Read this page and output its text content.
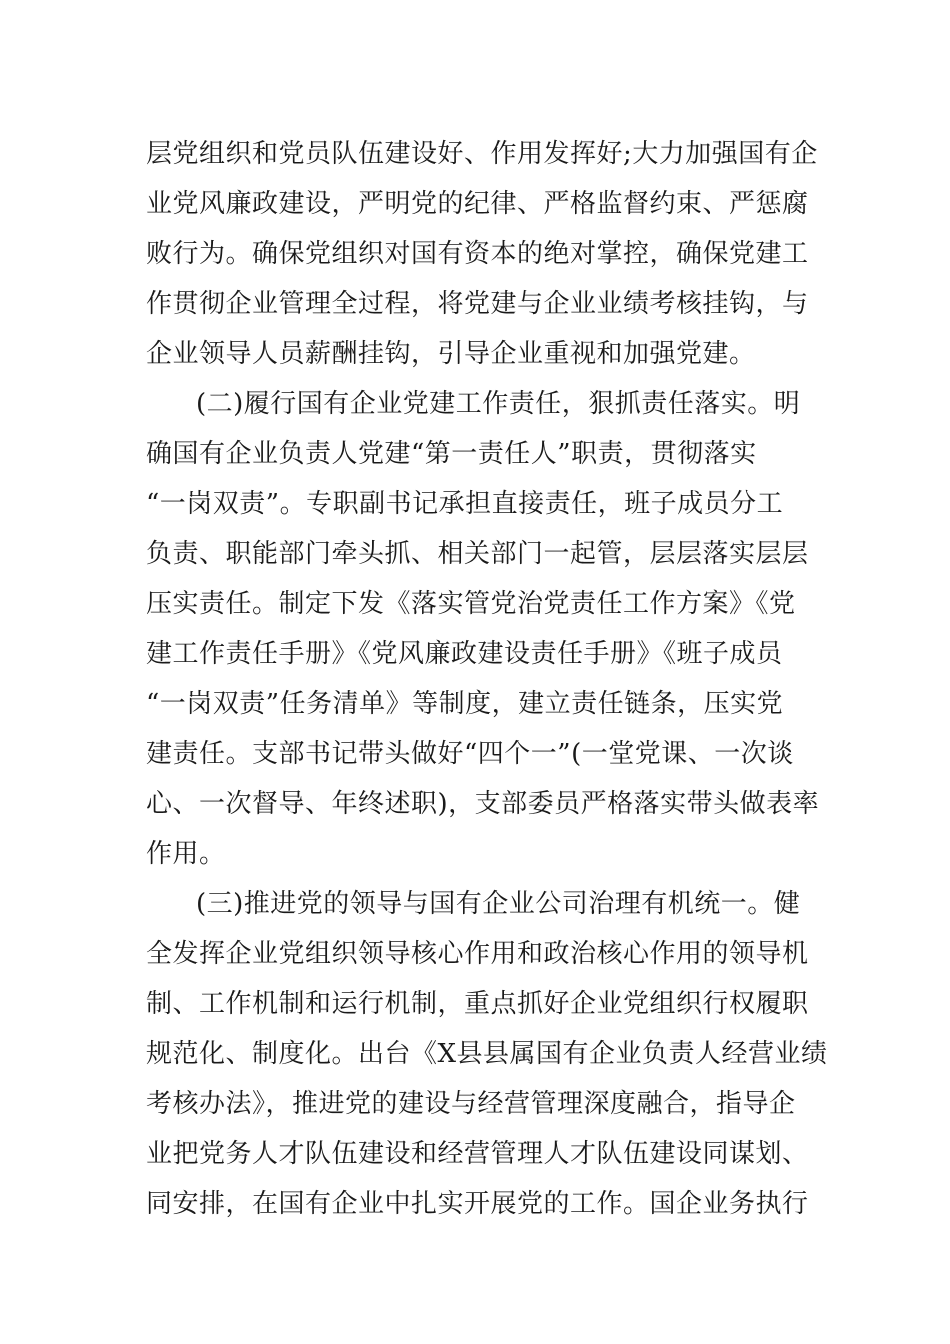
层党组织和党员队伍建设好、作用发挥好;大力加强国有企
业党风廉政建设，严明党的纪律、严格监督约束、严惩腐
败行为。确保党组织对国有资本的绝对掌控，确保党建工
作贯彻企业管理全过程，将党建与企业业绩考核挂钩，与
企业领导人员薪酬挂钩，引导企业重视和加强党建。
(二)履行国有企业党建工作责任，狠抓责任落实。明
确国有企业负责人党建“第一责任人”职责，贯彻落实
“一岗双责”。专职副书记承担直接责任，班子成员分工
负责、职能部门牵头抓、相关部门一起管，层层落实层层
压实责任。制定下发《落实管党治党责任工作方案》《党
建工作责任手册》《党风廉政建设责任手册》《班子成员
“一岗双责”任务清单》等制度，建立责任链条，压实党
建责任。支部书记带头做好“四个一”(一堂党课、一次谈
心、一次督导、年终述职)，支部委员严格落实带头做表率
作用。
(三)推进党的领导与国有企业公司治理有机统一。健
全发挥企业党组织领导核心作用和政治核心作用的领导机
制、工作机制和运行机制，重点抓好企业党组织行权履职
规范化、制度化。出台《X县县属国有企业负责人经营业绩
考核办法》，推进党的建设与经营管理深度融合，指导企
业把党务人才队伍建设和经营管理人才队伍建设同谋划、
同安排，在国有企业中扎实开展党的工作。国企业务执行
